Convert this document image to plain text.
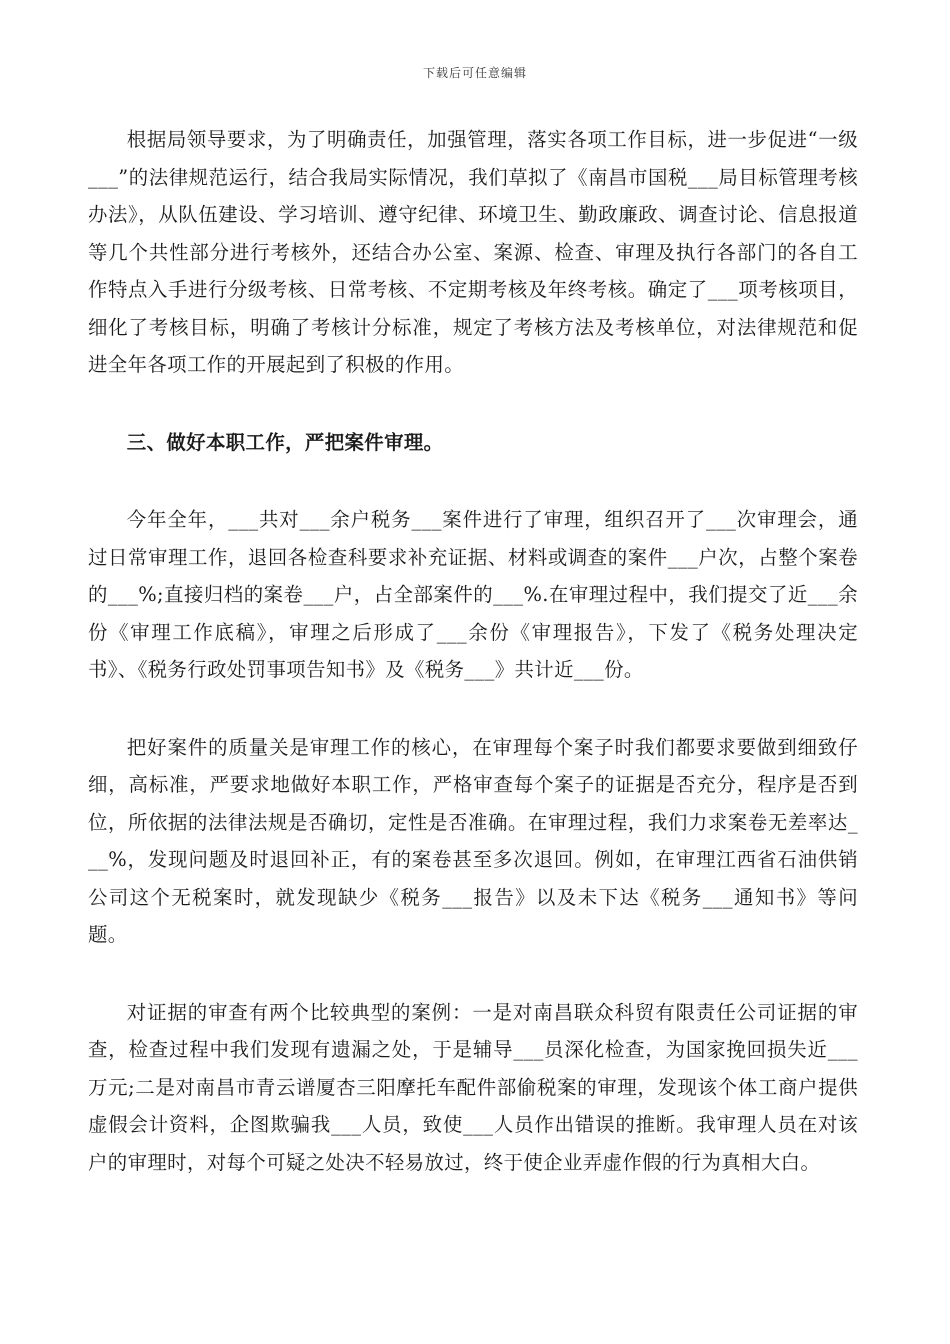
下载后可任意编辑

根据局领导要求，为了明确责任，加强管理，落实各项工作目标，进一步促进“一级___”的法律规范运行，结合我局实际情况，我们草拟了《南昌市国税___局目标管理考核办法》，从队伍建设、学习培训、遵守纪律、环境卫生、勤政廉政、调查讨论、信息报道等几个共性部分进行考核外，还结合办公室、案源、检查、审理及执行各部门的各自工作特点入手进行分级考核、日常考核、不定期考核及年终考核。确定了___项考核项目，细化了考核目标，明确了考核计分标准，规定了考核方法及考核单位，对法律规范和促进全年各项工作的开展起到了积极的作用。

三、做好本职工作，严把案件审理。

今年全年，___共对___余户税务___案件进行了审理，组织召开了___次审理会，通过日常审理工作，退回各检查科要求补充证据、材料或调查的案件___户次，占整个案卷的___%;直接归档的案卷___户，占全部案件的___%.在审理过程中，我们提交了近___余份《审理工作底稿》，审理之后形成了___余份《审理报告》，下发了《税务处理决定书》、《税务行政处罚事项告知书》及《税务___》共计近___份。

把好案件的质量关是审理工作的核心，在审理每个案子时我们都要求要做到细致仔细，高标准，严要求地做好本职工作，严格审查每个案子的证据是否充分，程序是否到位，所依据的法律法规是否确切，定性是否准确。在审理过程，我们力求案卷无差率达___%，发现问题及时退回补正，有的案卷甚至多次退回。例如，在审理江西省石油供销公司这个无税案时，就发现缺少《税务___报告》以及未下达《税务___通知书》等问题。

对证据的审查有两个比较典型的案例：一是对南昌联众科贸有限责任公司证据的审查，检查过程中我们发现有遗漏之处，于是辅导___员深化检查，为国家挽回损失近___万元;二是对南昌市青云谱厦杏三阳摩托车配件部偷税案的审理，发现该个体工商户提供虚假会计资料，企图欺骗我___人员，致使___人员作出错误的推断。我审理人员在对该户的审理时，对每个可疑之处决不轻易放过，终于使企业弄虚作假的行为真相大白。
